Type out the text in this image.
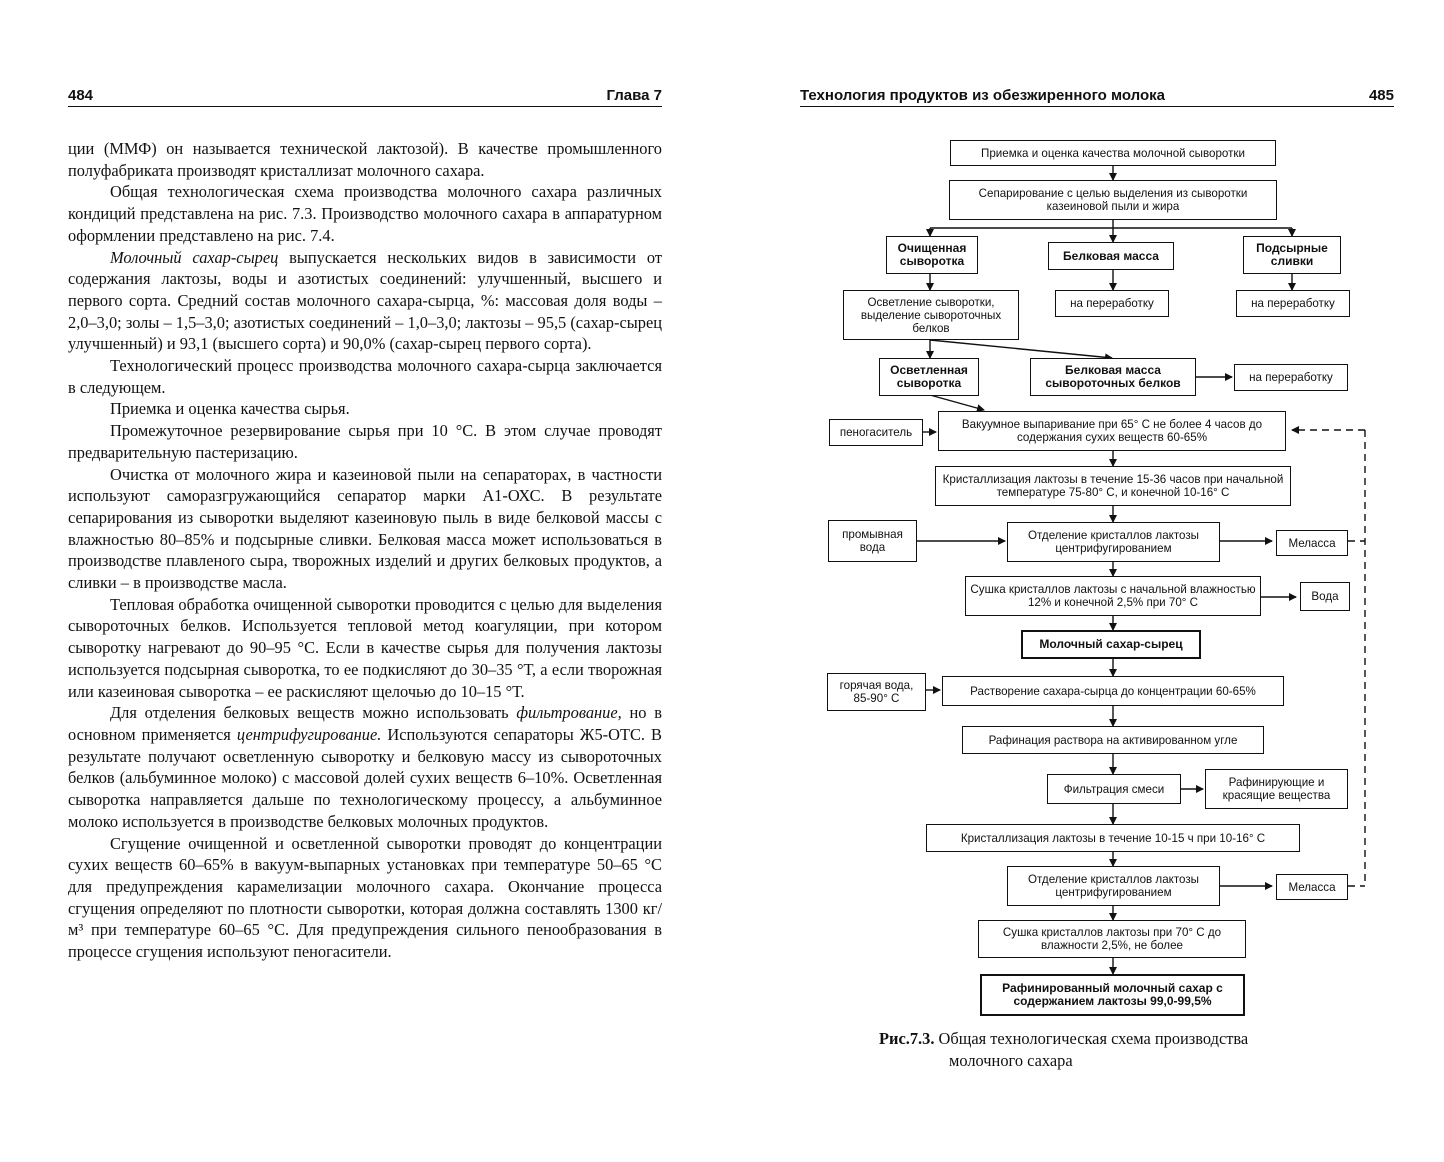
484	Глава 7

ции (ММФ) он называется технической лактозой). В качестве промышленного полуфабриката производят кристаллизат молочного сахара.

Общая технологическая схема производства молочного сахара различных кондиций представлена на рис. 7.3. Производство молочного сахара в аппаратурном оформлении представлено на рис. 7.4.

Молочный сахар-сырец выпускается нескольких видов в зависимости от содержания лактозы, воды и азотистых соединений: улучшенный, высшего и первого сорта. Средний состав молочного сахара-сырца, %: массовая доля воды – 2,0–3,0; золы – 1,5–3,0; азотистых соединений – 1,0–3,0; лактозы – 95,5 (сахар-сырец улучшенный) и 93,1 (высшего сорта) и 90,0% (сахар-сырец первого сорта).

Технологический процесс производства молочного сахара-сырца заключается в следующем.

Приемка и оценка качества сырья.

Промежуточное резервирование сырья при 10 °С. В этом случае проводят предварительную пастеризацию.

Очистка от молочного жира и казеиновой пыли на сепараторах, в частности используют саморазгружающийся сепаратор марки А1-ОХС. В результате сепарирования из сыворотки выделяют казеиновую пыль в виде белковой массы с влажностью 80–85% и подсырные сливки. Белковая масса может использоваться в производстве плавленого сыра, творожных изделий и других белковых продуктов, а сливки – в производстве масла.

Тепловая обработка очищенной сыворотки проводится с целью для выделения сывороточных белков. Используется тепловой метод коагуляции, при котором сыворотку нагревают до 90–95 °С. Если в качестве сырья для получения лактозы используется подсырная сыворотка, то ее подкисляют до 30–35 °Т, а если творожная или казеиновая сыворотка – ее раскисляют щелочью до 10–15 °Т.

Для отделения белковых веществ можно использовать фильтрование, но в основном применяется центрифугирование. Используются сепараторы Ж5-ОТС. В результате получают осветленную сыворотку и белковую массу из сывороточных белков (альбуминное молоко) с массовой долей сухих веществ 6–10%. Осветленная сыворотка направляется дальше по технологическому процессу, а альбуминное молоко используется в производстве белковых молочных продуктов.

Сгущение очищенной и осветленной сыворотки проводят до концентрации сухих веществ 60–65% в вакуум-выпарных установках при температуре 50–65 °С для предупреждения карамелизации молочного сахара. Окончание процесса сгущения определяют по плотности сыворотки, которая должна составлять 1300 кг/м³ при температуре 60–65 °С. Для предупреждения сильного пенообразования в процессе сгущения используют пеногасители.

Технология продуктов из обезжиренного молока	485
Приемка и оценка качества молочной сыворотки
Сепарирование с целью выделения из сыворотки казеиновой пыли и жира
Очищенная сыворотка	Белковая масса
Подсырные сливки
Осветление сыворотки, выделение сывороточных белков
на переработку	на переработку
Осветленная сыворотка
Белковая масса сывороточных белков	на переработку
пеногаситель
Вакуумное выпаривание при 65° С не более 4 часов до содержания сухих веществ 60-65%
Кристаллизация лактозы в течение 15-36 часов при начальной температуре 75-80° С, и конечной 10-16° С
промывная вода
Отделение кристаллов лактозы центрифугированием	Меласса
Сушка кристаллов лактозы с начальной влажностью 12% и конечной 2,5% при 70° С	Вода
Молочный сахар-сырец
горячая вода, 85-90° С
Растворение сахара-сырца до концентрации 60-65%
Рафинация раствора на активированном угле
Фильтрация смеси	Рафинирующие и красящие вещества
Кристаллизация лактозы в течение 10-15 ч при 10-16° С
Отделение кристаллов лактозы центрифугированием	Меласса
Сушка кристаллов лактозы при 70° С до влажности 2,5%, не более
Рафинированный молочный сахар с содержанием лактозы 99,0-99,5%
Рис.7.3. Общая технологическая схема производства
молочного сахара
